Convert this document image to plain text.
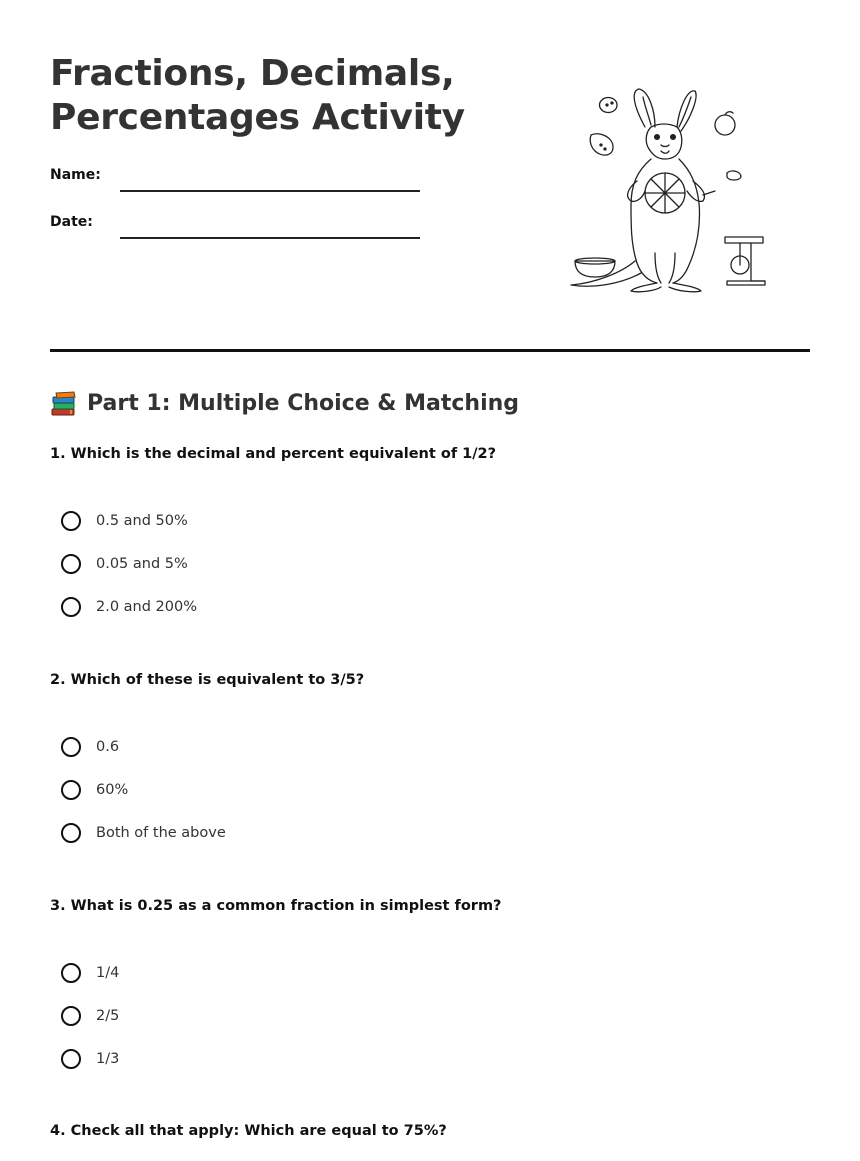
Fractions, Decimals,
Percentages Activity
Name:
Date:
Part 1: Multiple Choice & Matching

1. Which is the decimal and percent equivalent of 1/2?

0.5 and 50%
0.05 and 5%
2.0 and 200%

2. Which of these is equivalent to 3/5?

0.6
60%
Both of the above

3. What is 0.25 as a common fraction in simplest form?

1/4
2/5
1/3

4. Check all that apply: Which are equal to 75%?
